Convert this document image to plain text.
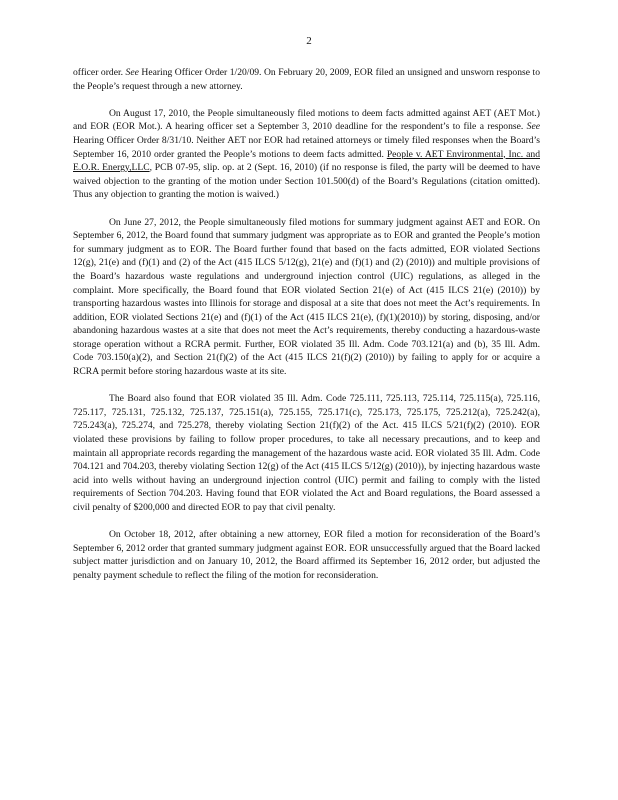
2

officer order. See Hearing Officer Order 1/20/09. On February 20, 2009, EOR filed an unsigned and unsworn response to the People’s request through a new attorney.

On August 17, 2010, the People simultaneously filed motions to deem facts admitted against AET (AET Mot.) and EOR (EOR Mot.). A hearing officer set a September 3, 2010 deadline for the respondent’s to file a response. See Hearing Officer Order 8/31/10. Neither AET nor EOR had retained attorneys or timely filed responses when the Board’s September 16, 2010 order granted the People’s motions to deem facts admitted. People v. AET Environmental, Inc. and E.O.R. Energy,LLC, PCB 07-95, slip. op. at 2 (Sept. 16, 2010) (if no response is filed, the party will be deemed to have waived objection to the granting of the motion under Section 101.500(d) of the Board’s Regulations (citation omitted). Thus any objection to granting the motion is waived.)

On June 27, 2012, the People simultaneously filed motions for summary judgment against AET and EOR. On September 6, 2012, the Board found that summary judgment was appropriate as to EOR and granted the People’s motion for summary judgment as to EOR. The Board further found that based on the facts admitted, EOR violated Sections 12(g), 21(e) and (f)(1) and (2) of the Act (415 ILCS 5/12(g), 21(e) and (f)(1) and (2) (2010)) and multiple provisions of the Board’s hazardous waste regulations and underground injection control (UIC) regulations, as alleged in the complaint. More specifically, the Board found that EOR violated Section 21(e) of Act (415 ILCS 21(e) (2010)) by transporting hazardous wastes into Illinois for storage and disposal at a site that does not meet the Act’s requirements. In addition, EOR violated Sections 21(e) and (f)(1) of the Act (415 ILCS 21(e), (f)(1)(2010)) by storing, disposing, and/or abandoning hazardous wastes at a site that does not meet the Act’s requirements, thereby conducting a hazardous-waste storage operation without a RCRA permit. Further, EOR violated 35 Ill. Adm. Code 703.121(a) and (b), 35 Ill. Adm. Code 703.150(a)(2), and Section 21(f)(2) of the Act (415 ILCS 21(f)(2) (2010)) by failing to apply for or acquire a RCRA permit before storing hazardous waste at its site.

The Board also found that EOR violated 35 Ill. Adm. Code 725.111, 725.113, 725.114, 725.115(a), 725.116, 725.117, 725.131, 725.132, 725.137, 725.151(a), 725.155, 725.171(c), 725.173, 725.175, 725.212(a), 725.242(a), 725.243(a), 725.274, and 725.278, thereby violating Section 21(f)(2) of the Act. 415 ILCS 5/21(f)(2) (2010). EOR violated these provisions by failing to follow proper procedures, to take all necessary precautions, and to keep and maintain all appropriate records regarding the management of the hazardous waste acid. EOR violated 35 Ill. Adm. Code 704.121 and 704.203, thereby violating Section 12(g) of the Act (415 ILCS 5/12(g) (2010)), by injecting hazardous waste acid into wells without having an underground injection control (UIC) permit and failing to comply with the listed requirements of Section 704.203. Having found that EOR violated the Act and Board regulations, the Board assessed a civil penalty of $200,000 and directed EOR to pay that civil penalty.

On October 18, 2012, after obtaining a new attorney, EOR filed a motion for reconsideration of the Board’s September 6, 2012 order that granted summary judgment against EOR. EOR unsuccessfully argued that the Board lacked subject matter jurisdiction and on January 10, 2012, the Board affirmed its September 16, 2012 order, but adjusted the penalty payment schedule to reflect the filing of the motion for reconsideration.
